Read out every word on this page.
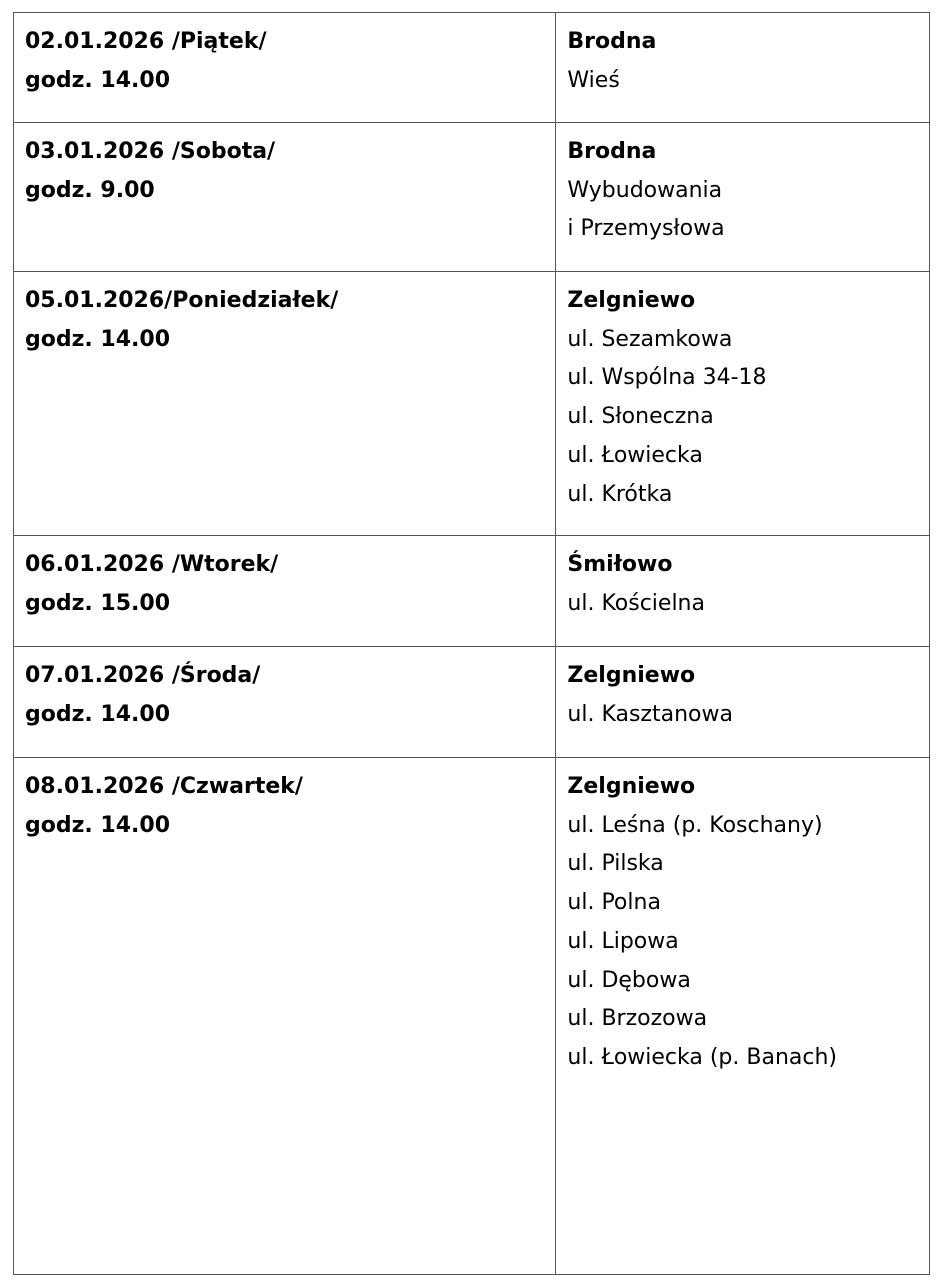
02.01.2026 /Piątek/
godz. 14.00
Brodna
Wieś
03.01.2026 /Sobota/
godz. 9.00
Brodna
Wybudowania
i Przemysłowa
05.01.2026/Poniedziałek/
godz. 14.00
Zelgniewo
ul. Sezamkowa
ul. Wspólna 34-18
ul. Słoneczna
ul. Łowiecka
ul. Krótka
06.01.2026 /Wtorek/
godz. 15.00
Śmiłowo
ul. Kościelna
07.01.2026 /Środa/
godz. 14.00
Zelgniewo
ul. Kasztanowa
08.01.2026 /Czwartek/
godz. 14.00
Zelgniewo
ul. Leśna (p. Koschany)
ul. Pilska
ul. Polna
ul. Lipowa
ul. Dębowa
ul. Brzozowa
ul. Łowiecka (p. Banach)
